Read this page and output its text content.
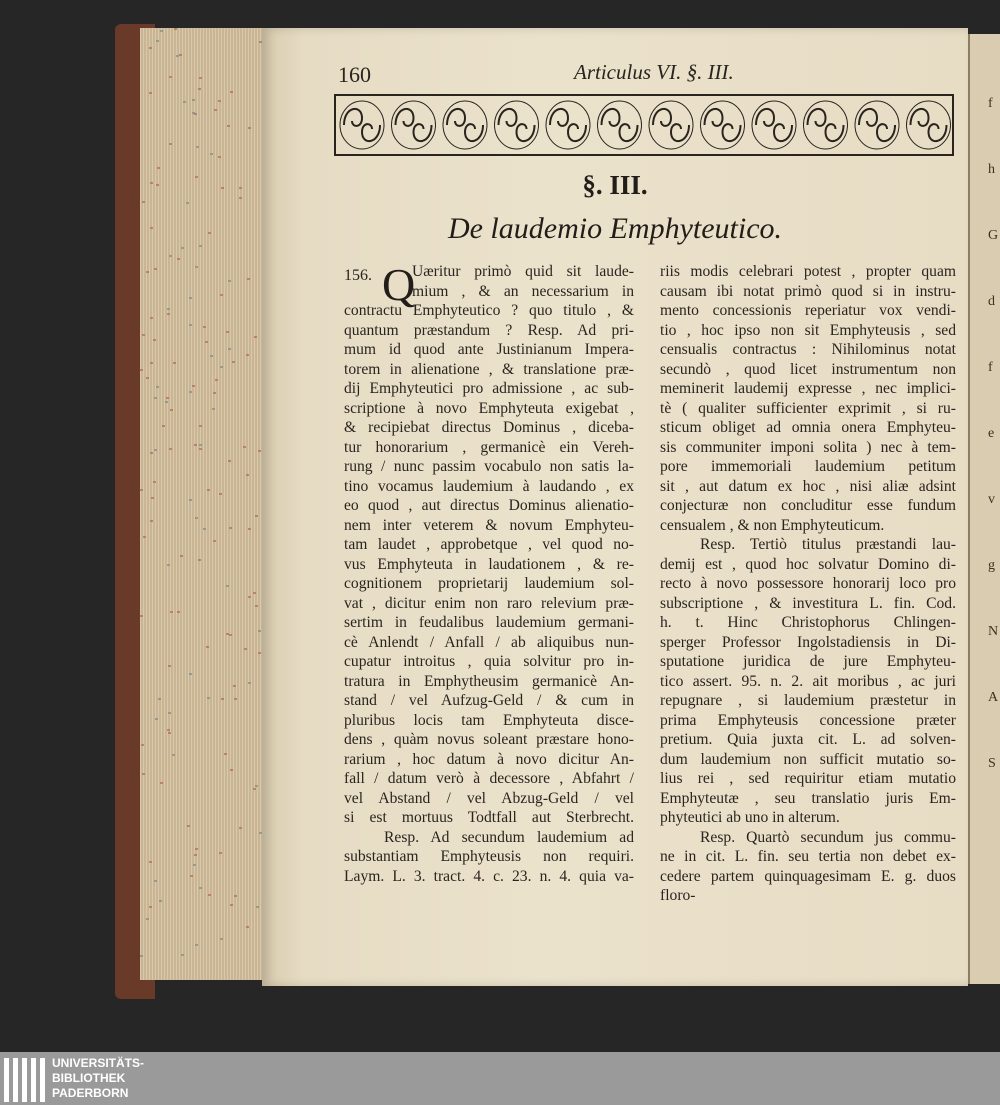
f
h
G
d
f
e
v
g
N
A
S
160	Articulus VI. §. III.
§. III.
De laudemio Emphyteutico.
156. Q
Uæritur primò quid sit laude-
mium , & an necessarium in
contractu Emphyteutico ? quo titulo , &
quantum præstandum ? Resp. Ad pri-
mum id quod ante Justinianum Impera-
torem in alienatione , & translatione præ-
dij Emphyteutici pro admissione , ac sub-
scriptione à novo Emphyteuta exigebat ,
& recipiebat directus Dominus , diceba-
tur honorarium , germanicè ein Vereh-
rung / nunc passim vocabulo non satis la-
tino vocamus laudemium à laudando , ex
eo quod , aut directus Dominus alienatio-
nem inter veterem & novum Emphyteu-
tam laudet , approbetque , vel quod no-
vus Emphyteuta in laudationem , & re-
cognitionem proprietarij laudemium sol-
vat , dicitur enim non raro relevium præ-
sertim in feudalibus laudemium germani-
cè Anlendt / Anfall / ab aliquibus nun-
cupatur introitus , quia solvitur pro in-
tratura in Emphytheusim germanicè An-
stand / vel Aufzug-Geld / & cum in
pluribus locis tam Emphyteuta disce-
dens , quàm novus soleant præstare hono-
rarium , hoc datum à novo dicitur An-
fall / datum verò à decessore , Abfahrt /
vel Abstand / vel Abzug-Geld / vel
si est mortuus Todtfall aut Sterbrecht.
Resp. Ad secundum laudemium ad
substantiam Emphyteusis non requiri.
Laym. L. 3. tract. 4. c. 23. n. 4. quia va-
riis modis celebrari potest , propter quam
causam ibi notat primò quod si in instru-
mento concessionis reperiatur vox vendi-
tio , hoc ipso non sit Emphyteusis , sed
censualis contractus : Nihilominus notat
secundò , quod licet instrumentum non
meminerit laudemij expresse , nec implici-
tè ( qualiter sufficienter exprimit , si ru-
sticum obliget ad omnia onera Emphyteu-
sis communiter imponi solita ) nec à tem-
pore immemoriali laudemium petitum
sit , aut datum ex hoc , nisi aliæ adsint
conjecturæ non concluditur esse fundum
censualem , & non Emphyteuticum.
Resp. Tertiò titulus præstandi lau-
demij est , quod hoc solvatur Domino di-
recto à novo possessore honorarij loco pro
subscriptione , & investitura L. fin. Cod.
h. t. Hinc Christophorus Chlingen-
sperger Professor Ingolstadiensis in Di-
sputatione juridica de jure Emphyteu-
tico assert. 95. n. 2. ait moribus , ac juri
repugnare , si laudemium præstetur in
prima Emphyteusis concessione præter
pretium. Quia juxta cit. L. ad solven-
dum laudemium non sufficit mutatio so-
lius rei , sed requiritur etiam mutatio
Emphyteutæ , seu translatio juris Em-
phyteutici ab uno in alterum.
Resp. Quartò secundum jus commu-
ne in cit. L. fin. seu tertia non debet ex-
cedere partem quinquagesimam E. g. duos
floro-
UNIVERSITÄTS-
BIBLIOTHEK
PADERBORN
